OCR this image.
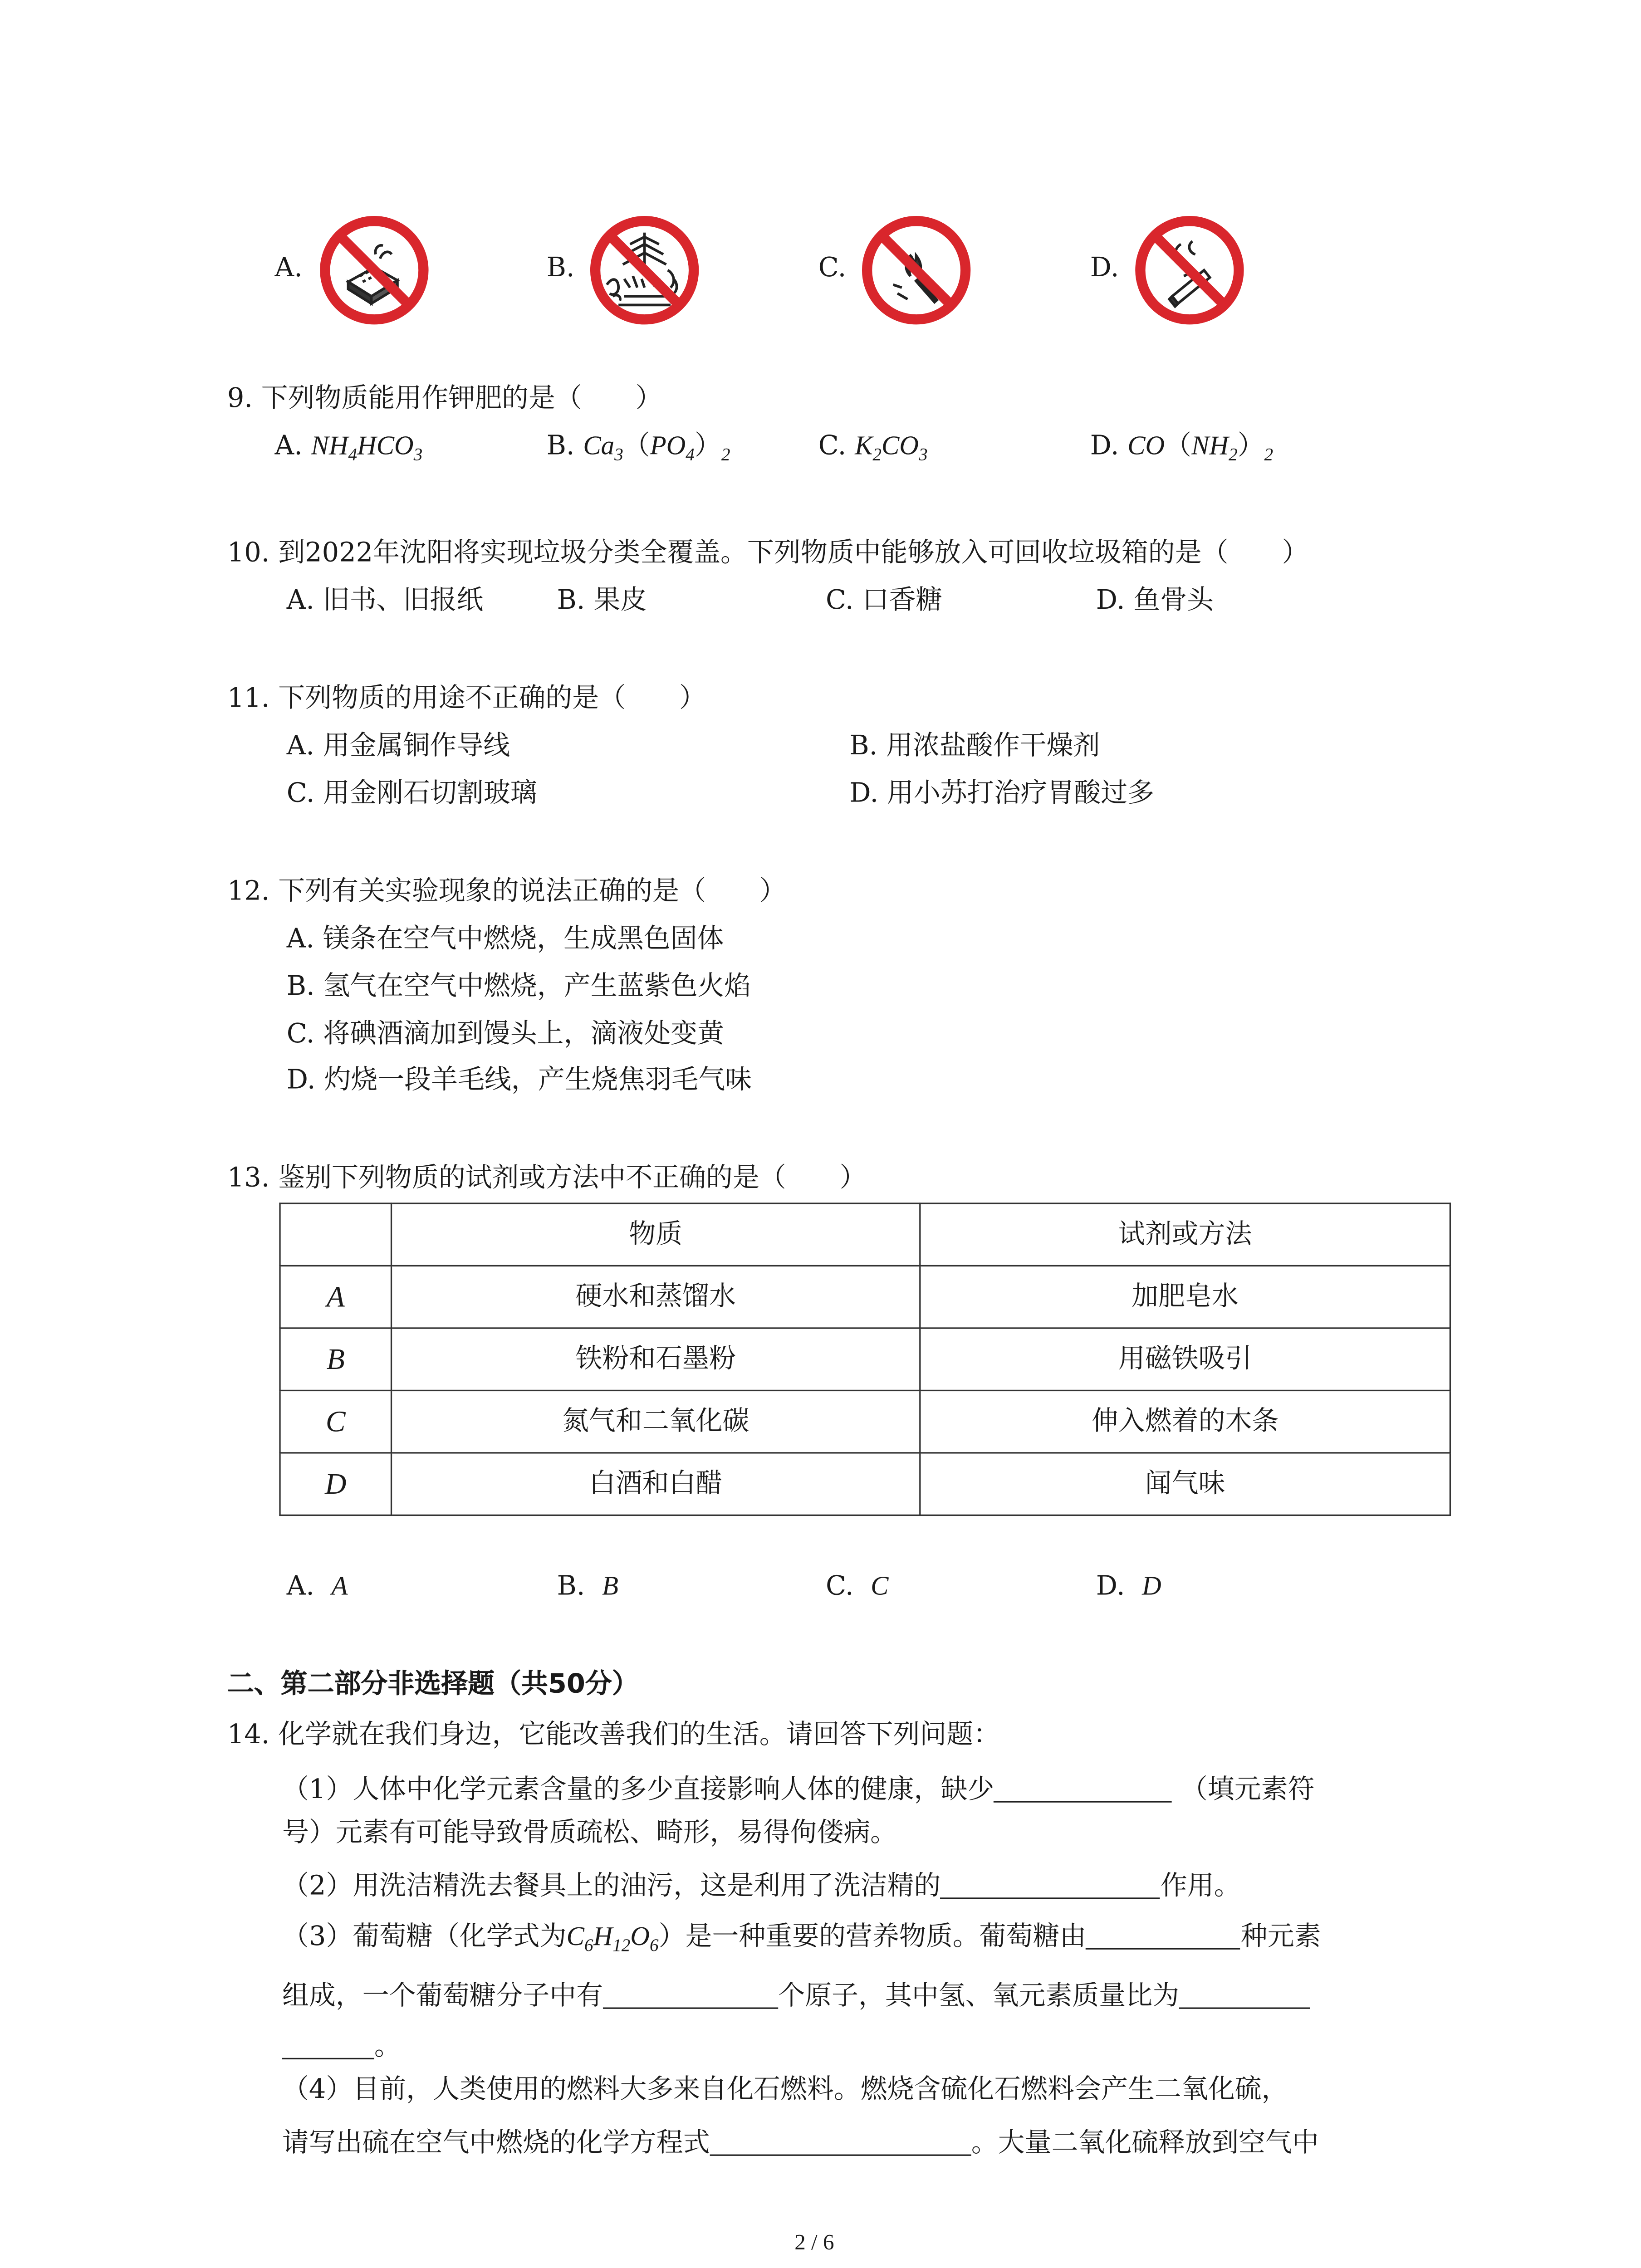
A.	B.	C.	D.
9. 下列物质能用作钾肥的是（　　）
A. $NH_4HCO_3$	B. $Ca_3(PO_4)_2$	C. $K_2CO_3$	D. $CO(NH_2)_2$
10. 到2022年沈阳将实现垃圾分类全覆盖。下列物质中能够放入可回收垃圾箱的是（　　）
A. 旧书、旧报纸	B. 果皮	C. 口香糖	D. 鱼骨头
11. 下列物质的用途不正确的是（　　）
A. 用金属铜作导线	B. 用浓盐酸作干燥剂
C. 用金刚石切割玻璃	D. 用小苏打治疗胃酸过多
12. 下列有关实验现象的说法正确的是（　　）
A. 镁条在空气中燃烧，生成黑色固体
B. 氢气在空气中燃烧，产生蓝紫色火焰
C. 将碘酒滴加到馒头上，滴液处变黄
D. 灼烧一段羊毛线，产生烧焦羽毛气味
13. 鉴别下列物质的试剂或方法中不正确的是（　　）
	物质	试剂或方法
A	硬水和蒸馏水	加肥皂水
B	铁粉和石墨粉	用磁铁吸引
C	氮气和二氧化碳	伸入燃着的木条
D	白酒和白醋	闻气味
A. A	B. B	C. C	D. D
二、第二部分非选择题（共50分）
14. 化学就在我们身边，它能改善我们的生活。请回答下列问题：
（1）人体中化学元素含量的多少直接影响人体的健康，缺少	（填元素符
号）元素有可能导致骨质疏松、畸形，易得佝偻病。
（2）用洗洁精洗去餐具上的油污，这是利用了洗洁精的	作用。
（3）葡萄糖（化学式为$C_6H_{12}O_6$）是一种重要的营养物质。葡萄糖由	种元素
组成，一个葡萄糖分子中有	个原子，其中氢、氧元素质量比为
。
（4）目前，人类使用的燃料大多来自化石燃料。燃烧含硫化石燃料会产生二氧化硫，
请写出硫在空气中燃烧的化学方程式	。大量二氧化硫释放到空气中
2 / 6
